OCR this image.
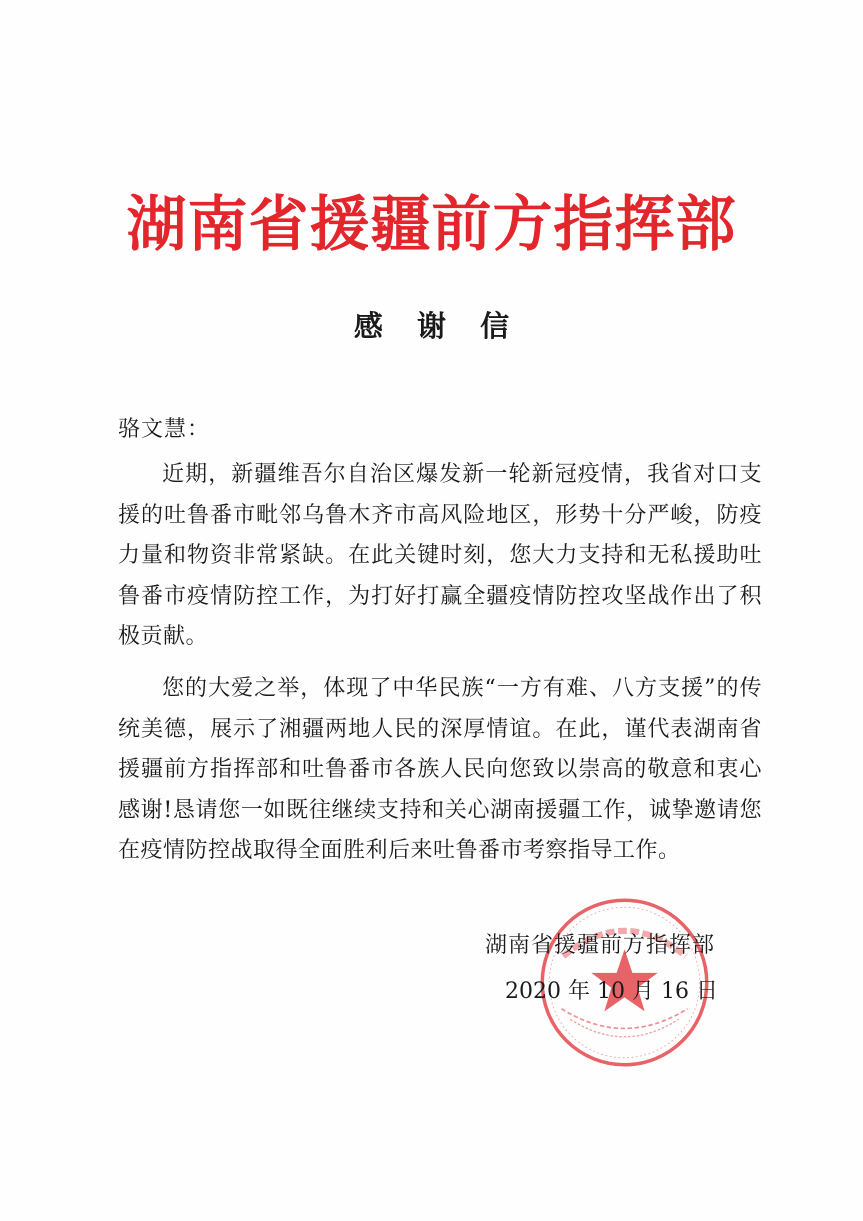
湖南省援疆前方指挥部
感 谢 信
骆文慧：
近期，新疆维吾尔自治区爆发新一轮新冠疫情，我省对口支援的吐鲁番市毗邻乌鲁木齐市高风险地区，形势十分严峻，防疫力量和物资非常紧缺。在此关键时刻，您大力支持和无私援助吐鲁番市疫情防控工作，为打好打赢全疆疫情防控攻坚战作出了积极贡献。
您的大爱之举，体现了中华民族“一方有难、八方支援”的传统美德，展示了湘疆两地人民的深厚情谊。在此，谨代表湖南省援疆前方指挥部和吐鲁番市各族人民向您致以崇高的敬意和衷心感谢!恳请您一如既往继续支持和关心湖南援疆工作，诚挚邀请您在疫情防控战取得全面胜利后来吐鲁番市考察指导工作。
湖南省援疆前方指挥部
2020 年 10 月 16 日
